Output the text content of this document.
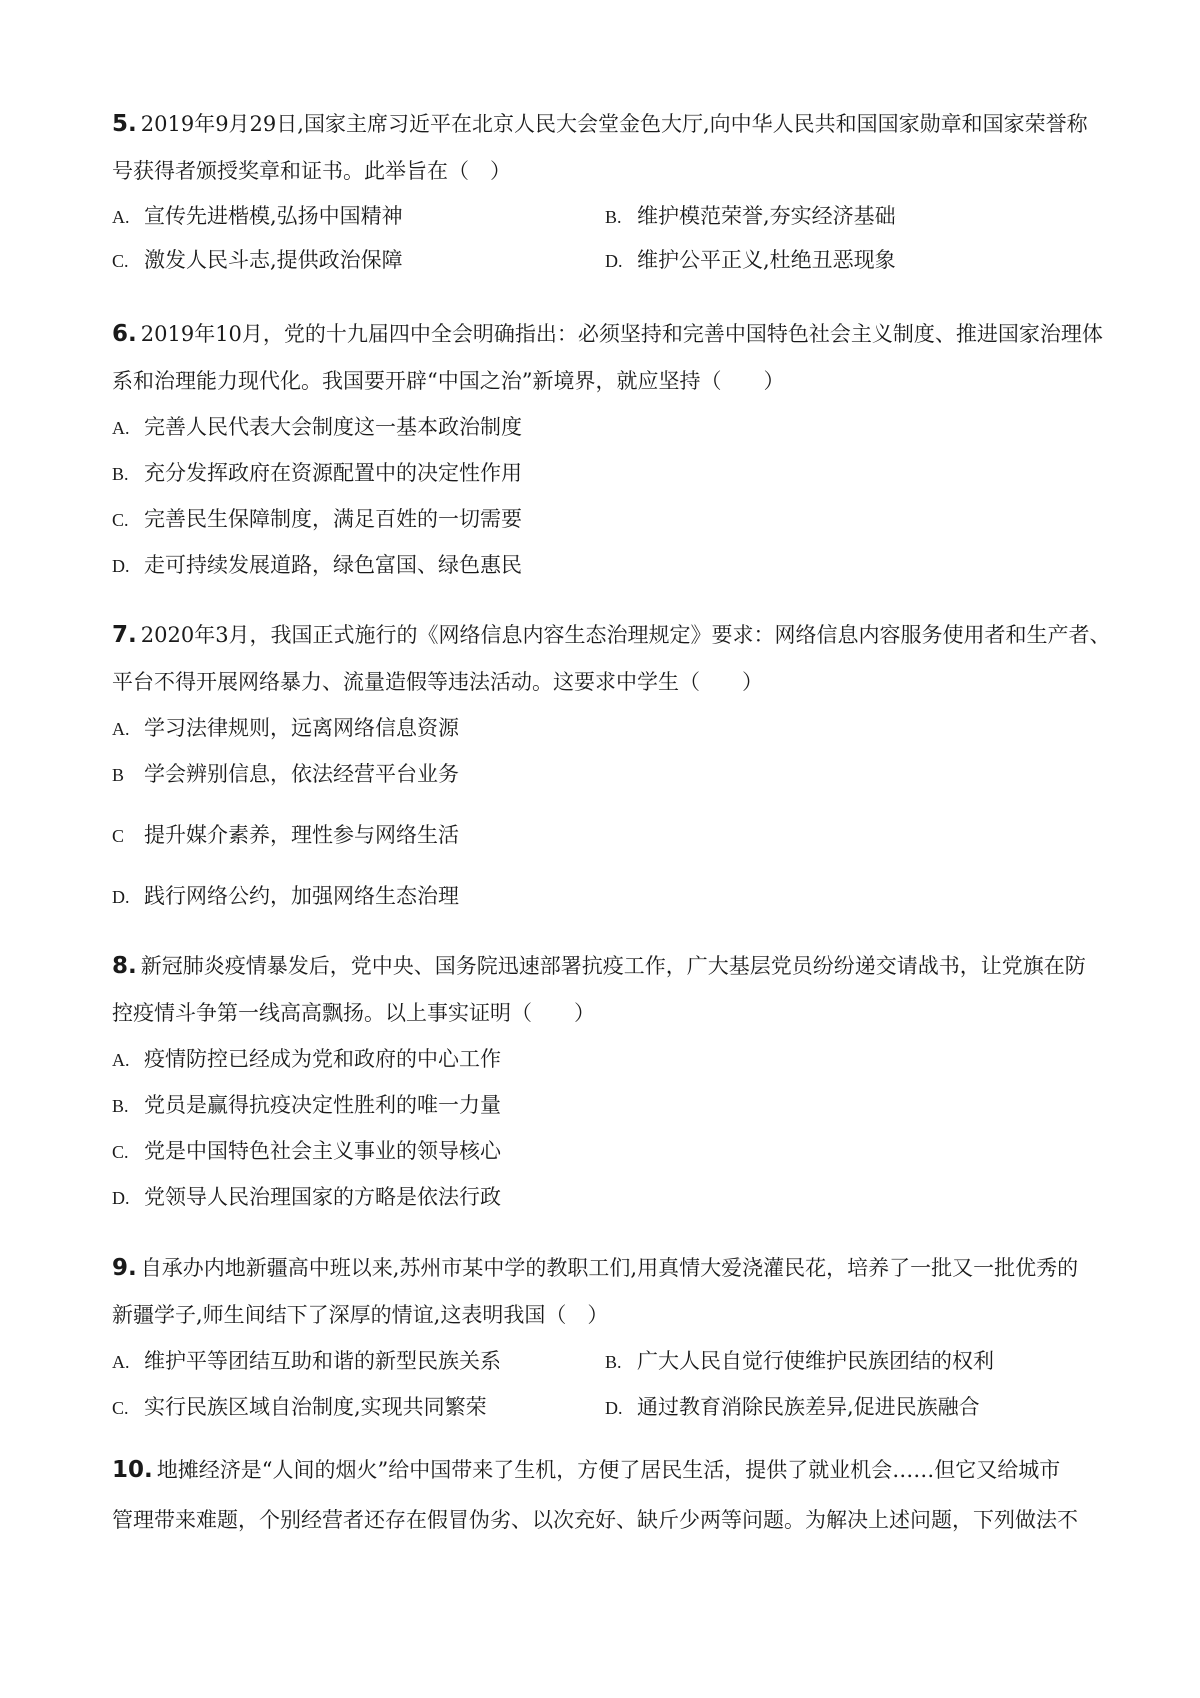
5. 2019年9月29日,国家主席习近平在北京人民大会堂金色大厅,向中华人民共和国国家勋章和国家荣誉称
号获得者颁授奖章和证书。此举旨在（　）
A. 宣传先进楷模,弘扬中国精神	B. 维护模范荣誉,夯实经济基础
C. 激发人民斗志,提供政治保障	D. 维护公平正义,杜绝丑恶现象
6. 2019年10月，党的十九届四中全会明确指出：必须坚持和完善中国特色社会主义制度、推进国家治理体
系和治理能力现代化。我国要开辟“中国之治”新境界，就应坚持（　　）
A. 完善人民代表大会制度这一基本政治制度
B. 充分发挥政府在资源配置中的决定性作用
C. 完善民生保障制度，满足百姓的一切需要
D. 走可持续发展道路，绿色富国、绿色惠民
7. 2020年3月，我国正式施行的《网络信息内容生态治理规定》要求：网络信息内容服务使用者和生产者、
平台不得开展网络暴力、流量造假等违法活动。这要求中学生（　　）
A. 学习法律规则，远离网络信息资源
B 学会辨别信息，依法经营平台业务
C 提升媒介素养，理性参与网络生活
D. 践行网络公约，加强网络生态治理
8. 新冠肺炎疫情暴发后，党中央、国务院迅速部署抗疫工作，广大基层党员纷纷递交请战书，让党旗在防
控疫情斗争第一线高高飘扬。以上事实证明（　　）
A. 疫情防控已经成为党和政府的中心工作
B. 党员是赢得抗疫决定性胜利的唯一力量
C. 党是中国特色社会主义事业的领导核心
D. 党领导人民治理国家的方略是依法行政
9. 自承办内地新疆高中班以来,苏州市某中学的教职工们,用真情大爱浇灌民花，培养了一批又一批优秀的
新疆学子,师生间结下了深厚的情谊,这表明我国（　）
A. 维护平等团结互助和谐的新型民族关系	B. 广大人民自觉行使维护民族团结的权利
C. 实行民族区域自治制度,实现共同繁荣	D. 通过教育消除民族差异,促进民族融合
10. 地摊经济是“人间的烟火”给中国带来了生机，方便了居民生活，提供了就业机会……但它又给城市
管理带来难题，个别经营者还存在假冒伪劣、以次充好、缺斤少两等问题。为解决上述问题，下列做法不
